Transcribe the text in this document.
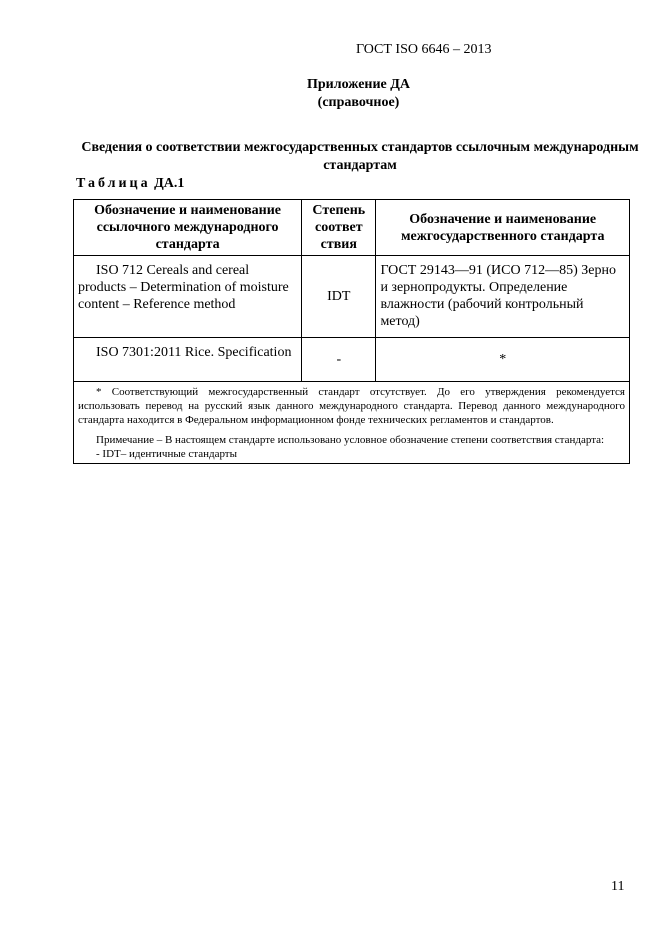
ГОСТ ISO 6646 – 2013
Приложение ДА
(справочное)
Сведения о соответствии межгосударственных стандартов ссылочным международным стандартам
Таблица ДА.1
Обозначение и наименование ссылочного международного стандарта	Степень соответ ствия	Обозначение и наименование межгосударственного стандарта
ISO 712 Cereals and cereal products – Determination of moisture content – Reference method	IDT	ГОСТ 29143—91 (ИСО 712—85) Зерно и зернопродукты. Определение влажности (рабочий контрольный метод)
ISO 7301:2011 Rice. Specification	-	*

* Соответствующий межгосударственный стандарт отсутствует. До его утверждения рекомендуется использовать перевод на русский язык данного международного стандарта. Перевод данного международного стандарта находится в Федеральном информационном фонде технических регламентов и стандартов.

Примечание – В настоящем стандарте использовано условное обозначение степени соответствия стандарта:

- IDT– идентичные стандарты		

11
